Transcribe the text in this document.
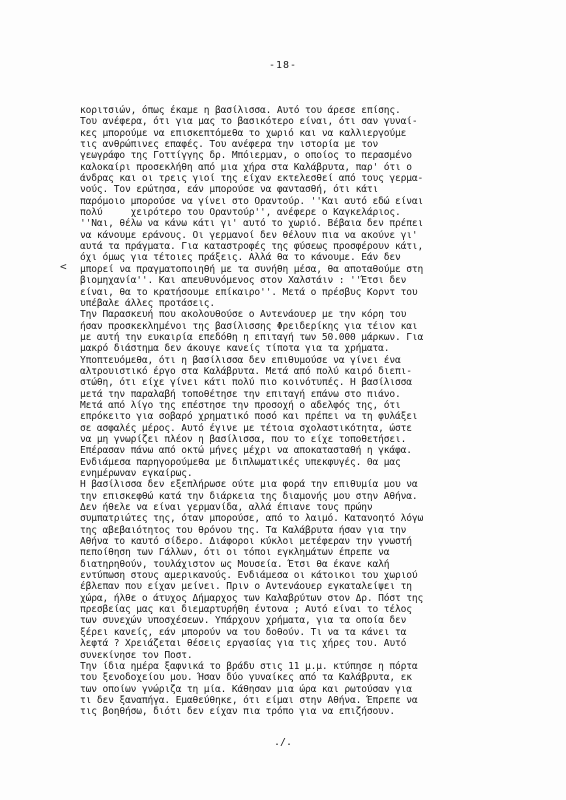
-18-
<
κοριτσιών, όπως έκαμε η βασίλισσα. Αυτό του άρεσε επίσης.
Του ανέφερα, ότι για μας το βασικότερο είναι, ότι σαν γυναί-
κες μπορούμε να επισκεπτόμεθα το χωριό και να καλλιεργούμε
τις ανθρώπινες επαφές. Του ανέφερα την ιστορία με τον
γεωγράφο της Γοττίγγης δρ. Μπόιερμαν, ο οποίος το περασμένο
καλοκαίρι προσεκλήθη από μια χήρα στα Καλάβρυτα, παρ' ότι ο
άνδρας και οι τρεις γιοί της είχαν εκτελεσθεί από τους γερμα-
νούς. Τον ερώτησα, εάν μπορούσε να φαντασθή, ότι κάτι
παρόμοιο μπορούσε να γίνει στο Οραντούρ. ''Και αυτό εδώ είναι
πολύ     χειρότερο του Οραντούρ'', ανέφερε ο Καγκελάριος.
''Ναι, θέλω να κάνω κάτι γι' αυτό το χωριό. Βέβαια δεν πρέπει
να κάνουμε εράνους. Οι γερμανοί δεν θέλουν πια να ακούνε γι'
αυτά τα πράγματα. Για καταστροφές της φύσεως προσφέρουν κάτι,
όχι όμως για τέτοιες πράξεις. Αλλά θα το κάνουμε. Εάν δεν
μπορεί να πραγματοποιηθή με τα συνήθη μέσα, θα αποταθούμε στη
βιομηχανία''. Και απευθυνόμενος στον Χαλστάιν : ''Έτσι δεν
είναι, θα το κρατήσουμε επίκαιρο''. Μετά ο πρέσβυς Κορντ του
υπέβαλε άλλες προτάσεις.
Την Παρασκευή που ακολουθούσε ο Αντενάουερ με την κόρη του
ήσαν προσκεκλημένοι της βασίλισσης Φρειδερίκης για τέιον και
με αυτή την ευκαιρία επεδόθη η επιταγή των 50.000 μάρκων. Για
μακρό διάστημα δεν άκουγε κανείς τίποτα για τα χρήματα.
Υποπτευόμεθα, ότι η βασίλισσα δεν επιθυμούσε να γίνει ένα
αλτρουιστικό έργο στα Καλάβρυτα. Μετά από πολύ καιρό διεπι-
στώθη, ότι είχε γίνει κάτι πολύ πιο κοινότυπές. Η βασίλισσα
μετά την παραλαβή τοποθέτησε την επιταγή επάνω στο πιάνο.
Μετά από λίγο της επέστησε την προσοχή ο αδελφός της, ότι
επρόκειτο για σοβαρό χρηματικό ποσό και πρέπει να τη φυλάξει
σε ασφαλές μέρος. Αυτό έγινε με τέτοια σχολαστικότητα, ώστε
να μη γνωρίζει πλέον η βασίλισσα, που το είχε τοποθετήσει.
Επέρασαν πάνω από οκτώ μήνες μέχρι να αποκατασταθή η γκάφα.
Ενδιάμεσα παρηγορούμεθα με διπλωματικές υπεκφυγές. Θα μας
ενημέρωναν εγκαίρως.
Η βασίλισσα δεν εξεπλήρωσε ούτε μια φορά την επιθυμία μου να
την επισκεφθώ κατά την διάρκεια της διαμονής μου στην Αθήνα.
Δεν ήθελε να είναι γερμανίδα, αλλά έπιανε τους πρώην
συμπατριώτες της, όταν μπορούσε, από το λαιμό. Κατανοητό λόγω
της αβεβαιότητος του θρόνου της. Τα Καλάβρυτα ήσαν για την
Αθήνα το καυτό σίδερο. Διάφοροι κύκλοι μετέφεραν την γνωστή
πεποίθηση των Γάλλων, ότι οι τόποι εγκλημάτων έπρεπε να
διατηρηθούν, τουλάχιστον ως Μουσεία. Έτσι θα έκανε καλή
εντύπωση στους αμερικανούς. Ενδιάμεσα οι κάτοικοι του χωριού
έβλεπαν που είχαν μείνει. Πριν ο Αντενάουερ εγκαταλείψει τη
χώρα, ήλθε ο άτυχος Δήμαρχος των Καλαβρύτων στον Δρ. Πόστ της
πρεσβείας μας και διεμαρτυρήθη έντονα ; Αυτό είναι το τέλος
των συνεχών υποσχέσεων. Υπάρχουν χρήματα, για τα οποία δεν
ξέρει κανείς, εάν μπορούν να του δοθούν. Τι να τα κάνει τα
λεφτά ? Χρειάζεται θέσεις εργασίας για τις χήρες του. Αυτό
συνεκίνησε τον Ποστ.
Την ίδια ημέρα ξαφνικά το βράδυ στις 11 μ.μ. κτύπησε η πόρτα
του ξενοδοχείου μου. Ήσαν δύο γυναίκες από τα Καλάβρυτα, εκ
των οποίων γνώριζα τη μία. Κάθησαν μια ώρα και ρωτούσαν για
τι δεν ξαναπήγα. Εμαθεύθηκε, ότι είμαι στην Αθήνα. Έπρεπε να
τις βοηθήσω, διότι δεν είχαν πια τρόπο για να επιζήσουν.
./.
